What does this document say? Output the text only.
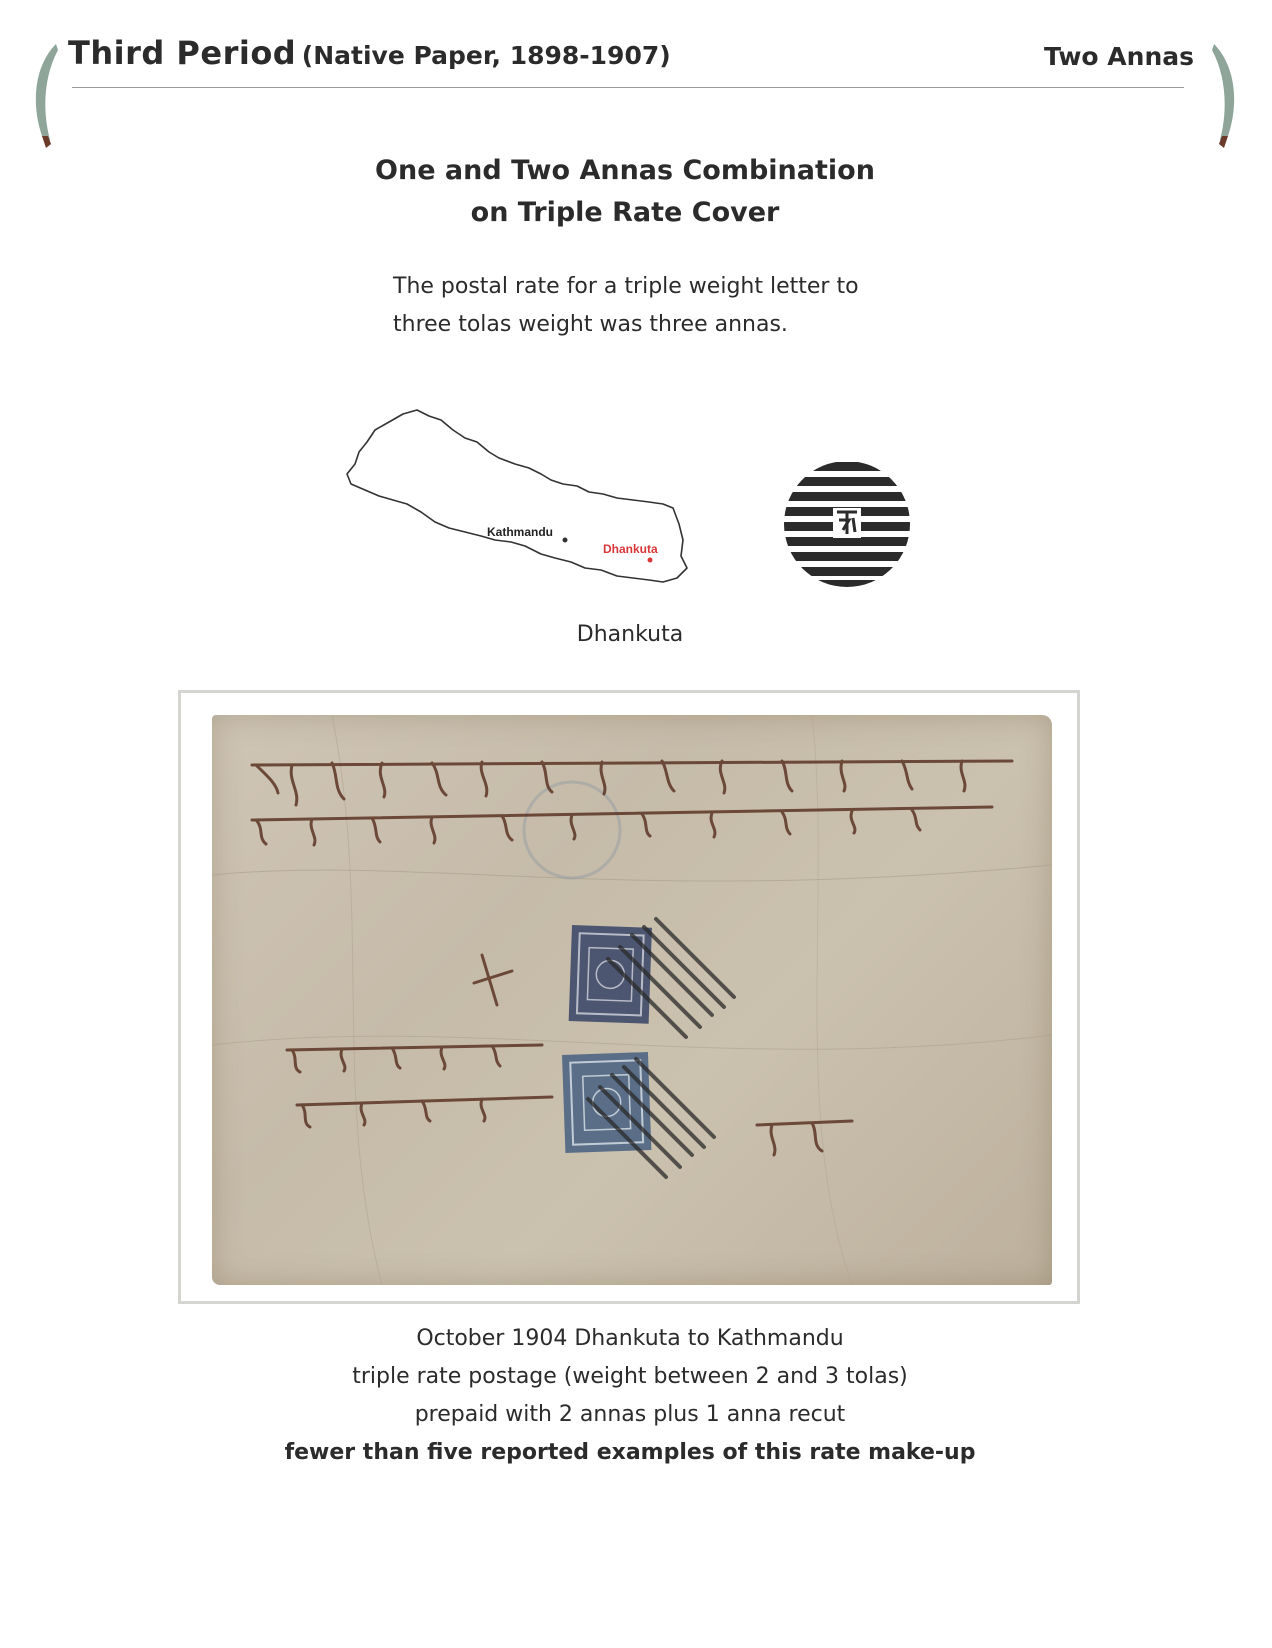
Third Period (Native Paper, 1898-1907)	Two Annas
One and Two Annas Combination
on Triple Rate Cover
The postal rate for a triple weight letter to
three tolas weight was three annas.
Kathmandu
Dhankuta
Dhankuta
October 1904 Dhankuta to Kathmandu
triple rate postage (weight between 2 and 3 tolas)
prepaid with 2 annas plus 1 anna recut
fewer than five reported examples of this rate make-up
